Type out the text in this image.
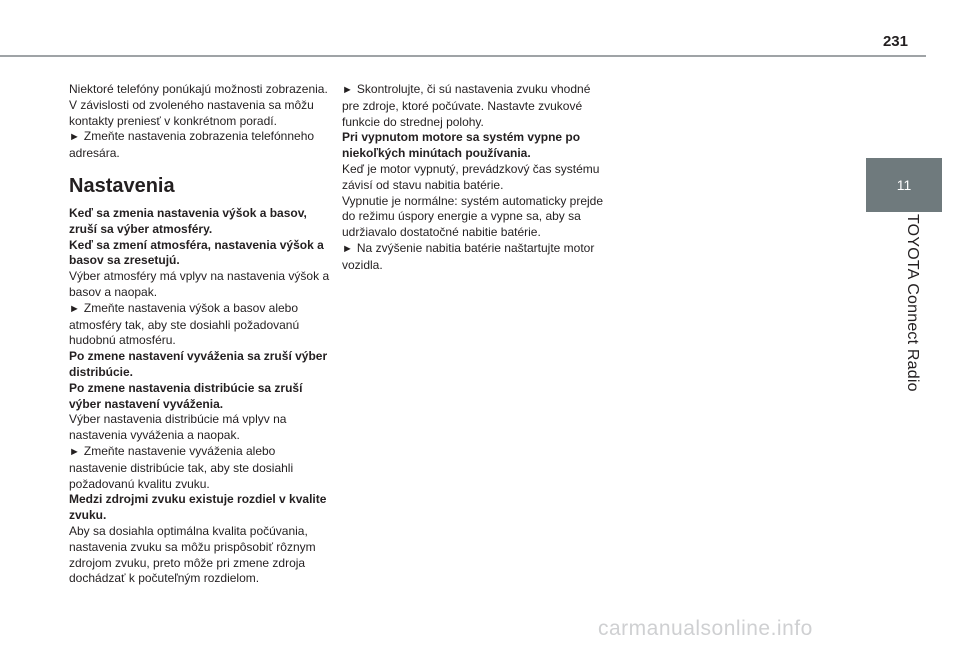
231
11
TOYOTA Connect Radio

Niektoré telefóny ponúkajú možnosti zobrazenia. V závislosti od zvoleného nastavenia sa môžu kontakty preniesť v konkrétnom poradí.

► Zmeňte nastavenia zobrazenia telefónneho adresára.

Nastavenia

Keď sa zmenia nastavenia výšok a basov, zruší sa výber atmosféry.

Keď sa zmení atmosféra, nastavenia výšok a basov sa zresetujú.

Výber atmosféry má vplyv na nastavenia výšok a basov a naopak.

► Zmeňte nastavenia výšok a basov alebo atmosféry tak, aby ste dosiahli požadovanú hudobnú atmosféru.

Po zmene nastavení vyváženia sa zruší výber distribúcie.

Po zmene nastavenia distribúcie sa zruší výber nastavení vyváženia.

Výber nastavenia distribúcie má vplyv na nastavenia vyváženia a naopak.

► Zmeňte nastavenie vyváženia alebo nastavenie distribúcie tak, aby ste dosiahli požadovanú kvalitu zvuku.

Medzi zdrojmi zvuku existuje rozdiel v kvalite zvuku.

Aby sa dosiahla optimálna kvalita počúvania, nastavenia zvuku sa môžu prispôsobiť rôznym zdrojom zvuku, preto môže pri zmene zdroja dochádzať k počuteľným rozdielom.

► Skontrolujte, či sú nastavenia zvuku vhodné pre zdroje, ktoré počúvate. Nastavte zvukové funkcie do strednej polohy.

Pri vypnutom motore sa systém vypne po niekoľkých minútach používania.

Keď je motor vypnutý, prevádzkový čas systému závisí od stavu nabitia batérie.

Vypnutie je normálne: systém automaticky prejde do režimu úspory energie a vypne sa, aby sa udržiavalo dostatočné nabitie batérie.

► Na zvýšenie nabitia batérie naštartujte motor vozidla.

carmanualsonline.info
